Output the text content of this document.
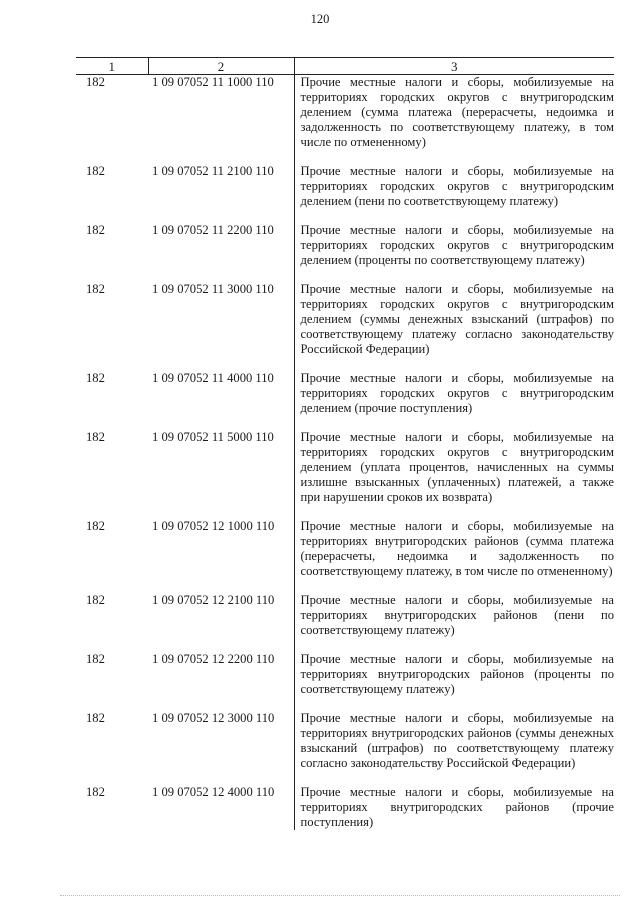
120
1	2	3
182	1 09 07052 11 1000 110	Прочие местные налоги и сборы, мобилизуемые на территориях городских округов с внутригородским делением (сумма платежа (перерасчеты, недоимка и задолженность по соответствующему платежу, в том числе по отмененному)

182	1 09 07052 11 2100 110	Прочие местные налоги и сборы, мобилизуемые на территориях городских округов с внутригородским делением (пени по соответствующему платежу)

182	1 09 07052 11 2200 110	Прочие местные налоги и сборы, мобилизуемые на территориях городских округов с внутригородским делением (проценты по соответствующему платежу)

182	1 09 07052 11 3000 110	Прочие местные налоги и сборы, мобилизуемые на территориях городских округов с внутригородским делением (суммы денежных взысканий (штрафов) по соответствующему платежу согласно законодательству Российской Федерации)

182	1 09 07052 11 4000 110	Прочие местные налоги и сборы, мобилизуемые на территориях городских округов с внутригородским делением (прочие поступления)

182	1 09 07052 11 5000 110	Прочие местные налоги и сборы, мобилизуемые на территориях городских округов с внутригородским делением (уплата процентов, начисленных на суммы излишне взысканных (уплаченных) платежей, а также при нарушении сроков их возврата)

182	1 09 07052 12 1000 110	Прочие местные налоги и сборы, мобилизуемые на территориях внутригородских районов (сумма платежа (перерасчеты, недоимка и задолженность по соответствующему платежу, в том числе по отмененному)

182	1 09 07052 12 2100 110	Прочие местные налоги и сборы, мобилизуемые на территориях внутригородских районов (пени по соответствующему платежу)

182	1 09 07052 12 2200 110	Прочие местные налоги и сборы, мобилизуемые на территориях внутригородских районов (проценты по соответствующему платежу)

182	1 09 07052 12 3000 110	Прочие местные налоги и сборы, мобилизуемые на территориях внутригородских районов (суммы денежных взысканий (штрафов) по соответствующему платежу согласно законодательству Российской Федерации)

182	1 09 07052 12 4000 110	Прочие местные налоги и сборы, мобилизуемые на территориях внутригородских районов (прочие поступления)
